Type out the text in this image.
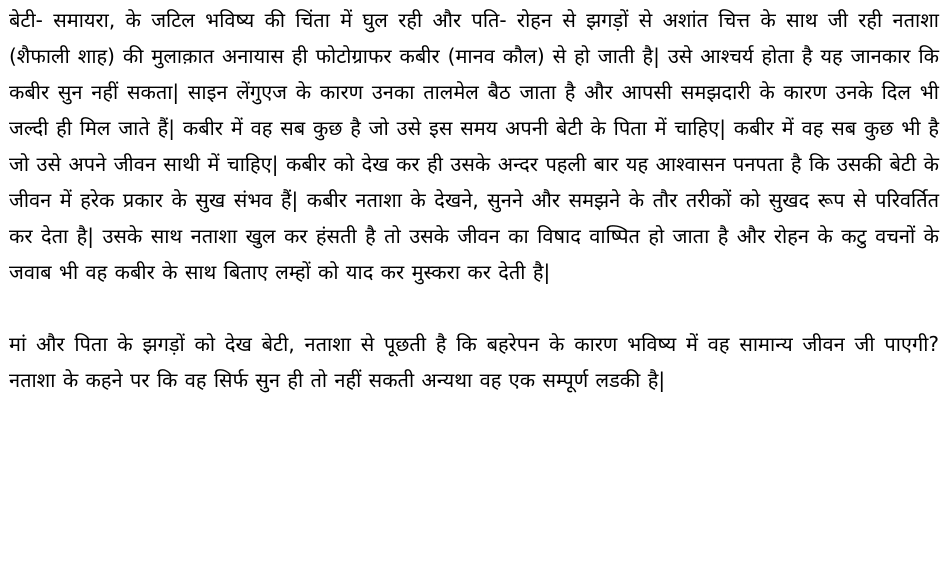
बेटी- समायरा, के जटिल भविष्य की चिंता में घुल रही और पति- रोहन से झगड़ों से अशांत चित्त के साथ जी रही नताशा (शैफाली शाह) की मुलाक़ात अनायास ही फोटोग्राफर कबीर (मानव कौल) से हो जाती है| उसे आश्चर्य होता है यह जानकार कि कबीर सुन नहीं सकता| साइन लेंगुएज के कारण उनका तालमेल बैठ जाता है और आपसी समझदारी के कारण उनके दिल भी जल्दी ही मिल जाते हैं| कबीर में वह सब कुछ है जो उसे इस समय अपनी बेटी के पिता में चाहिए| कबीर में वह सब कुछ भी है जो उसे अपने जीवन साथी में चाहिए| कबीर को देख कर ही उसके अन्दर पहली बार यह आश्वासन पनपता है कि उसकी बेटी के जीवन में हरेक प्रकार के सुख संभव हैं| कबीर नताशा के देखने, सुनने और समझने के तौर तरीकों को सुखद रूप से परिवर्तित कर देता है| उसके साथ नताशा खुल कर हंसती है तो उसके जीवन का विषाद वाष्पित हो जाता है और रोहन के कटु वचनों के जवाब भी वह कबीर के साथ बिताए लम्हों को याद कर मुस्करा कर देती है|

मां और पिता के झगड़ों को देख बेटी, नताशा से पूछती है कि बहरेपन के कारण भविष्य में वह सामान्य जीवन जी पाएगी? नताशा के कहने पर कि वह सिर्फ सुन ही तो नहीं सकती अन्यथा वह एक सम्पूर्ण लडकी है|
